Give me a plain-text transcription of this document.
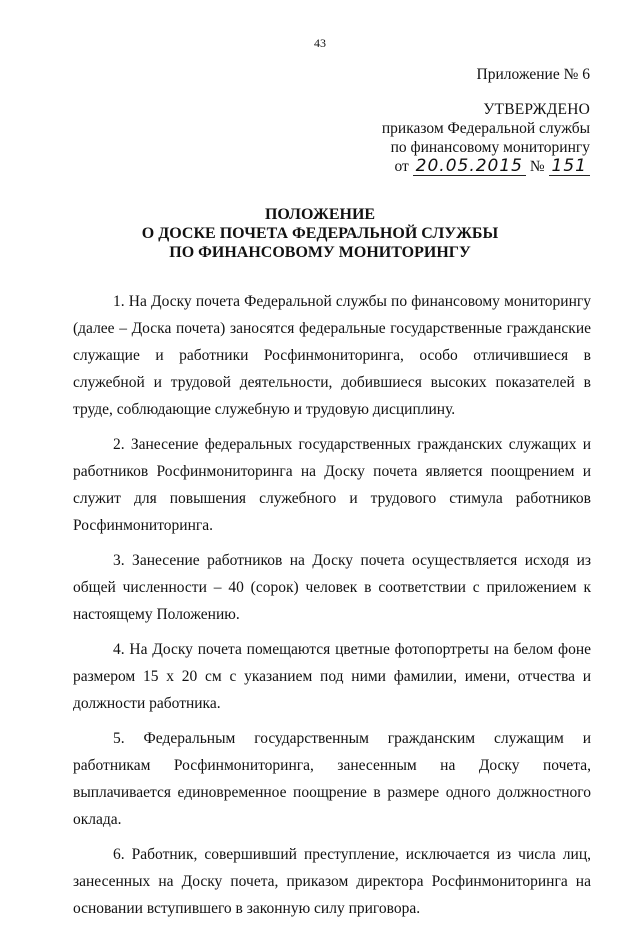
43
Приложение № 6
УТВЕРЖДЕНО
приказом Федеральной службы
по финансовому мониторингу
от 20.05.2015 № 151
ПОЛОЖЕНИЕ
О ДОСКЕ ПОЧЕТА ФЕДЕРАЛЬНОЙ СЛУЖБЫ
ПО ФИНАНСОВОМУ МОНИТОРИНГУ

1. На Доску почета Федеральной службы по финансовому мониторингу (далее – Доска почета) заносятся федеральные государственные гражданские служащие и работники Росфинмониторинга, особо отличившиеся в служебной и трудовой деятельности, добившиеся высоких показателей в труде, соблюдающие служебную и трудовую дисциплину.

2. Занесение федеральных государственных гражданских служащих и работников Росфинмониторинга на Доску почета является поощрением и служит для повышения служебного и трудового стимула работников Росфинмониторинга.

3. Занесение работников на Доску почета осуществляется исходя из общей численности – 40 (сорок) человек в соответствии с приложением к настоящему Положению.

4. На Доску почета помещаются цветные фотопортреты на белом фоне размером 15 х 20 см с указанием под ними фамилии, имени, отчества и должности работника.

5. Федеральным государственным гражданским служащим и работникам Росфинмониторинга, занесенным на Доску почета, выплачивается единовременное поощрение в размере одного должностного оклада.

6. Работник, совершивший преступление, исключается из числа лиц, занесенных на Доску почета, приказом директора Росфинмониторинга на основании вступившего в законную силу приговора.
